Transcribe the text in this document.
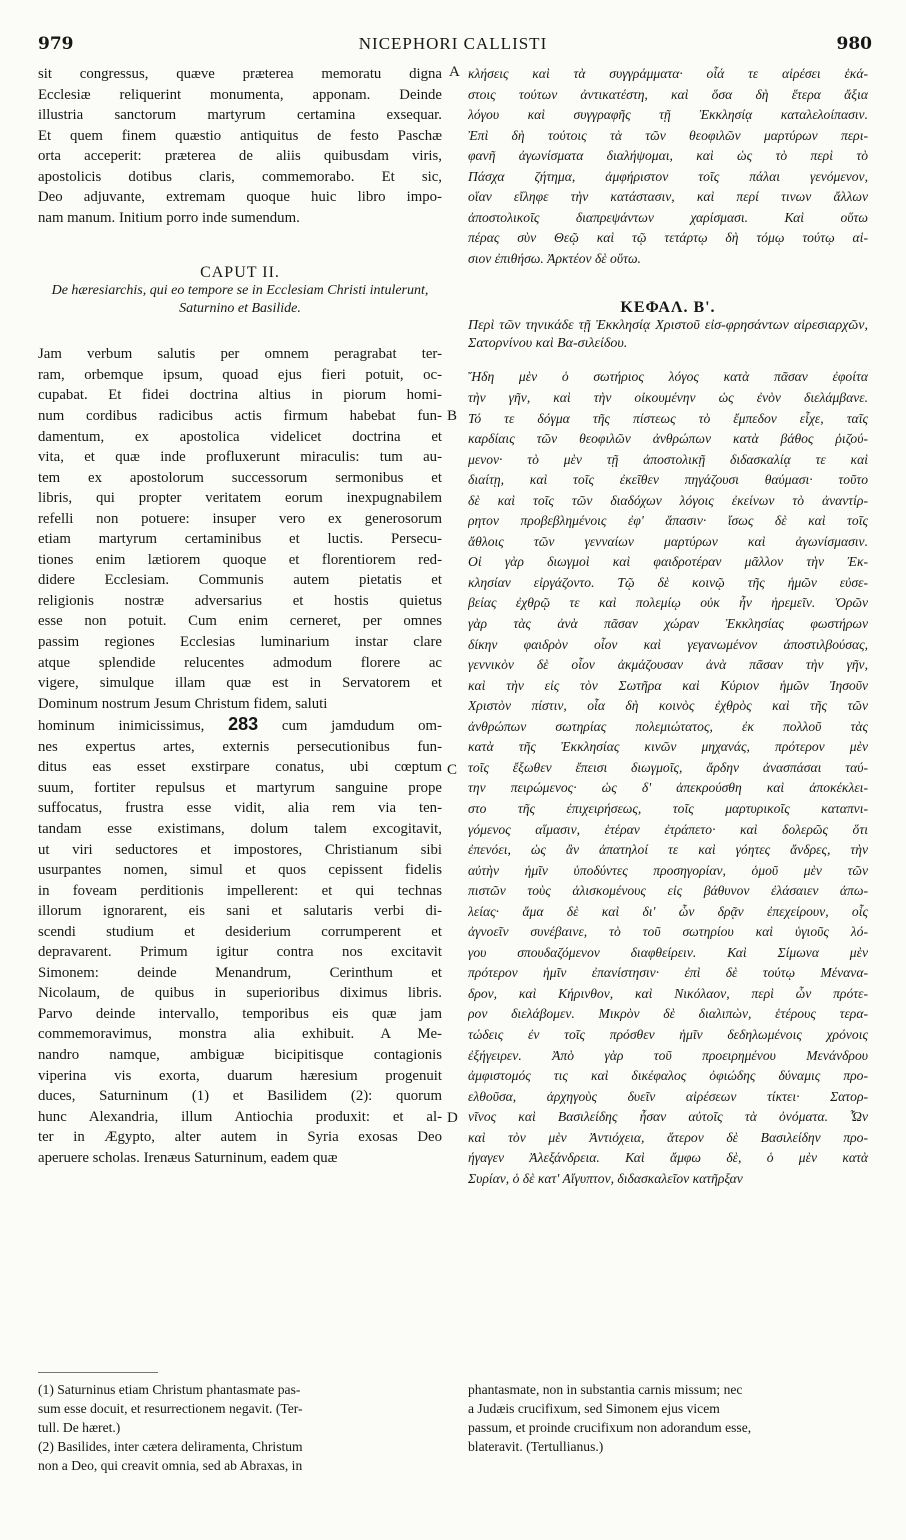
979	NICEPHORI CALLISTI	980
A
B
C
D
sit congressus, quæve præterea memoratu digna
Ecclesiæ reliquerint monumenta, apponam. Deinde
illustria sanctorum martyrum certamina exsequar.
Et quem finem quæstio antiquitus de festo Paschæ
orta acceperit: præterea de aliis quibusdam viris,
apostolicis dotibus claris, commemorabo. Et sic,
Deo adjuvante, extremam quoque huic libro impo-
nam manum. Initium porro inde sumendum.
CAPUT II.
De hæresiarchis, qui eo tempore se in Ecclesiam Christi intulerunt, Saturnino et Basilide.
Jam verbum salutis per omnem peragrabat ter-
ram, orbemque ipsum, quoad ejus fieri potuit, oc-
cupabat. Et fidei doctrina altius in piorum homi-
num cordibus radicibus actis firmum habebat fun-
damentum, ex apostolica videlicet doctrina et
vita, et quæ inde profluxerunt miraculis: tum au-
tem ex apostolorum successorum sermonibus et
libris, qui propter veritatem eorum inexpugnabilem
refelli non potuere: insuper vero ex generosorum
etiam martyrum certaminibus et luctis. Persecu-
tiones enim lætiorem quoque et florentiorem red-
didere Ecclesiam. Communis autem pietatis et
religionis nostræ adversarius et hostis quietus
esse non potuit. Cum enim cerneret, per omnes
passim regiones Ecclesias luminarium instar clare
atque splendide relucentes admodum florere ac
vigere, simulque illam quæ est in Servatorem et
Dominum nostrum Jesum Christum fidem, saluti
hominum inimicissimus, 283 cum jamdudum om-
nes expertus artes, externis persecutionibus fun-
ditus eas esset exstirpare conatus, ubi cœptum
suum, fortiter repulsus et martyrum sanguine prope
suffocatus, frustra esse vidit, alia rem via ten-
tandam esse existimans, dolum talem excogitavit,
ut viri seductores et impostores, Christianum sibi
usurpantes nomen, simul et quos cepissent fidelis
in foveam perditionis impellerent: et qui technas
illorum ignorarent, eis sani et salutaris verbi di-
scendi studium et desiderium corrumperent et
depravarent. Primum igitur contra nos excitavit
Simonem: deinde Menandrum, Cerinthum et
Nicolaum, de quibus in superioribus diximus libris.
Parvo deinde intervallo, temporibus eis quæ jam
commemoravimus, monstra alia exhibuit. A Me-
nandro namque, ambiguæ bicipitisque contagionis
viperina vis exorta, duarum hæresium progenuit
duces, Saturninum (1) et Basilidem (2): quorum
hunc Alexandria, illum Antiochia produxit: et al-
ter in Ægypto, alter autem in Syria exosas Deo
aperuere scholas. Irenæus Saturninum, eadem quæ
κλήσεις καὶ τὰ συγγράμματα· οἷά τε αἱρέσει ἑκά-
στοις τούτων ἀντικατέστη, καὶ ὅσα δὴ ἕτερα ἄξια
λόγου καὶ συγγραφῆς τῇ Ἐκκλησίᾳ καταλελοίπασιν.
Ἐπὶ δὴ τούτοις τὰ τῶν θεοφιλῶν μαρτύρων περι-
φανῆ ἀγωνίσματα διαλήψομαι, καὶ ὡς τὸ περὶ τὸ
Πάσχα ζήτημα, ἀμφήριστον τοῖς πάλαι γενόμενον,
οἵαν εἴληφε τὴν κατάστασιν, καὶ περί τινων ἄλλων
ἀποστολικοῖς διαπρεψάντων χαρίσμασι. Καὶ οὕτω
πέρας σὺν Θεῷ καὶ τῷ τετάρτῳ δὴ τόμῳ τούτῳ αἱ-
σιον ἐπιθήσω. Ἀρκτέον δὲ οὕτω.
ΚΕΦΑΛ. Β'.
Περὶ τῶν τηνικάδε τῇ Ἐκκλησίᾳ Χριστοῦ εἰσ-φρησάντων αἱρεσιαρχῶν, Σατορνίνου καὶ Βα-σιλείδου.
Ἤδη μὲν ὁ σωτήριος λόγος κατὰ πᾶσαν ἐφοίτα
τὴν γῆν, καὶ τὴν οἰκουμένην ὡς ἐνὸν διελάμβανε.
Τό τε δόγμα τῆς πίστεως τὸ ἔμπεδον εἶχε, ταῖς
καρδίαις τῶν θεοφιλῶν ἀνθρώπων κατὰ βάθος ῥιζού-
μενον· τὸ μὲν τῇ ἀποστολικῇ διδασκαλίᾳ τε καὶ
διαίτῃ, καὶ τοῖς ἐκεῖθεν πηγάζουσι θαύμασι· τοῦτο
δὲ καὶ τοῖς τῶν διαδόχων λόγοις ἐκείνων τὸ ἀναντίρ-
ρητον προβεβλημένοις ἐφ' ἅπασιν· ἴσως δὲ καὶ τοῖς
ἄθλοις τῶν γενναίων μαρτύρων καὶ ἀγωνίσμασιν.
Οἱ γὰρ διωγμοὶ καὶ φαιδροτέραν μᾶλλον τὴν Ἐκ-
κλησίαν εἰργάζοντο. Τῷ δὲ κοινῷ τῆς ἡμῶν εὐσε-
βείας ἐχθρῷ τε καὶ πολεμίῳ οὐκ ἦν ἠρεμεῖν. Ὁρῶν
γὰρ τὰς ἀνὰ πᾶσαν χώραν Ἐκκλησίας φωστήρων
δίκην φαιδρὸν οἷον καὶ γεγανωμένον ἀποστιλβούσας,
γεννικὸν δὲ οἷον ἀκμάζουσαν ἀνὰ πᾶσαν τὴν γῆν,
καὶ τὴν εἰς τὸν Σωτῆρα καὶ Κύριον ἡμῶν Ἰησοῦν
Χριστὸν πίστιν, οἷα δὴ κοινὸς ἐχθρὸς καὶ τῆς τῶν
ἀνθρώπων σωτηρίας πολεμιώτατος, ἐκ πολλοῦ τὰς
κατὰ τῆς Ἐκκλησίας κινῶν μηχανάς, πρότερον μὲν
τοῖς ἔξωθεν ἔπεισι διωγμοῖς, ἄρδην ἀνασπάσαι ταύ-
την πειρώμενος· ὡς δ' ἀπεκρούσθη καὶ ἀποκέκλει-
στο τῆς ἐπιχειρήσεως, τοῖς μαρτυρικοῖς καταπνι-
γόμενος αἵμασιν, ἑτέραν ἐτράπετο· καὶ δολερῶς ὅτι
ἐπενόει, ὡς ἂν ἀπατηλοί τε καὶ γόητες ἄνδρες, τὴν
αὐτὴν ἡμῖν ὑποδύντες προσηγορίαν, ὁμοῦ μὲν τῶν
πιστῶν τοὺς ἁλισκομένους εἰς βάθυνον ἐλάσαιεν ἀπω-
λείας· ἅμα δὲ καὶ δι' ὧν δρᾷν ἐπεχείρουν, οἷς
ἀγνοεῖν συνέβαινε, τὸ τοῦ σωτηρίου καὶ ὑγιοῦς λό-
γου σπουδαζόμενον διαφθείρειν. Καὶ Σίμωνα μὲν
πρότερον ἡμῖν ἐπανίστησιν· ἐπὶ δὲ τούτῳ Μένανα-
δρον, καὶ Κήρινθον, καὶ Νικόλαον, περὶ ὧν πρότε-
ρον διελάβομεν. Μικρὸν δὲ διαλιπὼν, ἑτέρους τερα-
τώδεις ἐν τοῖς πρόσθεν ἡμῖν δεδηλωμένοις χρόνοις
ἐξήγειρεν. Ἀπὸ γὰρ τοῦ προειρημένου Μενάνδρου
ἀμφιστομός τις καὶ δικέφαλος ὀφιώδης δύναμις προ-
ελθοῦσα, ἀρχηγοὺς δυεῖν αἱρέσεων τίκτει· Σατορ-
νῖνος καὶ Βασιλείδης ἦσαν αὐτοῖς τὰ ὀνόματα. Ὧν
καὶ τὸν μὲν Ἀντιόχεια, ἅτερον δὲ Βασιλείδην προ-
ήγαγεν Ἀλεξάνδρεια. Καὶ ἄμφω δὲ, ὁ μὲν κατὰ
Συρίαν, ὁ δὲ κατ' Αἴγυπτον, διδασκαλεῖον κατῆρξαν
(1) Saturninus etiam Christum phantasmate pas-
sum esse docuit, et resurrectionem negavit. (Ter-
tull. De hæret.)
(2) Basilides, inter cætera deliramenta, Christum
non a Deo, qui creavit omnia, sed ab Abraxas, in
phantasmate, non in substantia carnis missum; nec
a Judæis crucifixum, sed Simonem ejus vicem
passum, et proinde crucifixum non adorandum esse,
blateravit. (Tertullianus.)
